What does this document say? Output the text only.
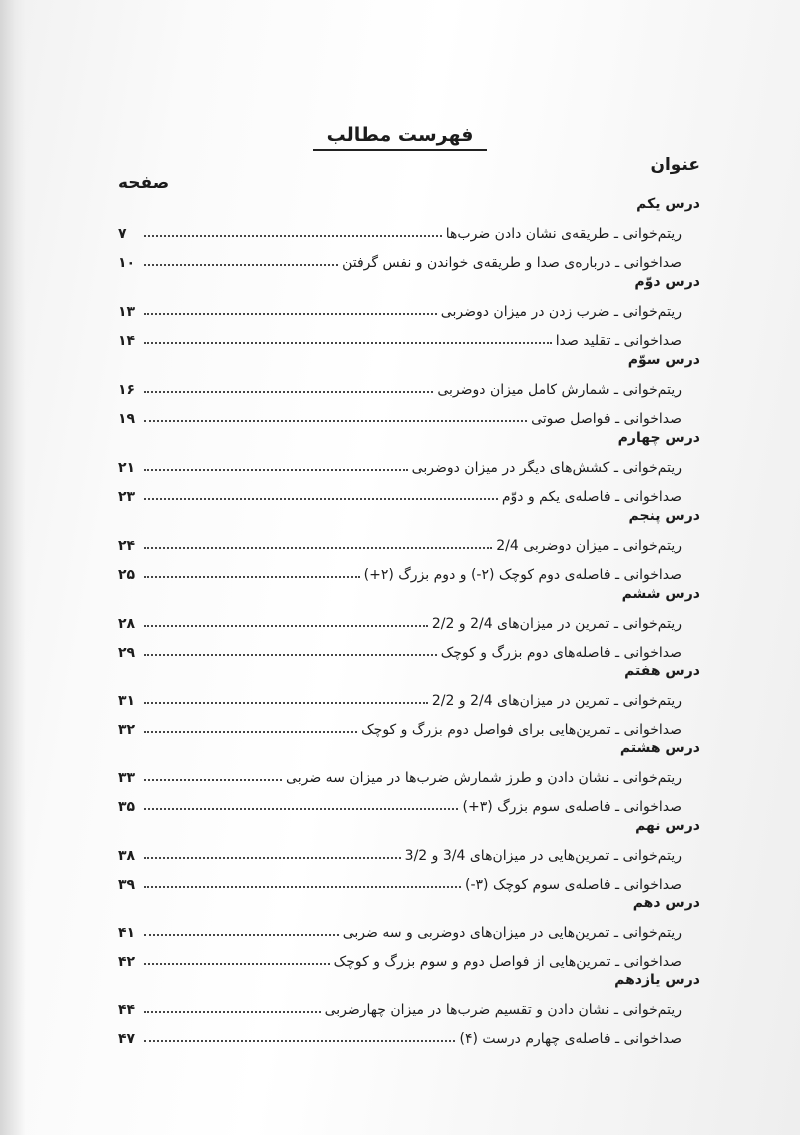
فهرست مطالب
عنوان
صفحه
درس یکم
ریتم‌خوانی ـ طریقه‌ی نشان دادن ضرب‌ها
۷
صداخوانی ـ درباره‌ی صدا و طریقه‌ی خواندن و نفس گرفتن
۱۰
درس دوّم
ریتم‌خوانی ـ ضرب زدن در میزان دوضربی
۱۳
صداخوانی ـ تقلید صدا
۱۴
درس سوّم
ریتم‌خوانی ـ شمارش کامل میزان دوضربی
۱۶
صداخوانی ـ فواصل صوتی
۱۹
درس چهارم
ریتم‌خوانی ـ کشش‌های دیگر در میزان دوضربی
۲۱
صداخوانی ـ فاصله‌ی یکم و دوّم
۲۳
درس پنجم
ریتم‌خوانی ـ میزان دوضربی 2/4
۲۴
صداخوانی ـ فاصله‌ی دوم کوچک (۲-) و دوم بزرگ (۲+)
۲۵
درس ششم
ریتم‌خوانی ـ تمرین در میزان‌های 2/4 و 2/2
۲۸
صداخوانی ـ فاصله‌های دوم بزرگ و کوچک
۲۹
درس هفتم
ریتم‌خوانی ـ تمرین در میزان‌های 2/4 و 2/2
۳۱
صداخوانی ـ تمرین‌هایی برای فواصل دوم بزرگ و کوچک
۳۲
درس هشتم
ریتم‌خوانی ـ نشان دادن و طرز شمارش ضرب‌ها در میزان سه ضربی
۳۳
صداخوانی ـ فاصله‌ی سوم بزرگ (۳+)
۳۵
درس نهم
ریتم‌خوانی ـ تمرین‌هایی در میزان‌های 3/4 و 3/2
۳۸
صداخوانی ـ فاصله‌ی سوم کوچک (۳-)
۳۹
درس دهم
ریتم‌خوانی ـ تمرین‌هایی در میزان‌های دوضربی و سه ضربی
۴۱
صداخوانی ـ تمرین‌هایی از فواصل دوم و سوم بزرگ و کوچک
۴۲
درس یازدهم
ریتم‌خوانی ـ نشان دادن و تقسیم ضرب‌ها در میزان چهارضربی
۴۴
صداخوانی ـ فاصله‌ی چهارم درست (۴)
۴۷
